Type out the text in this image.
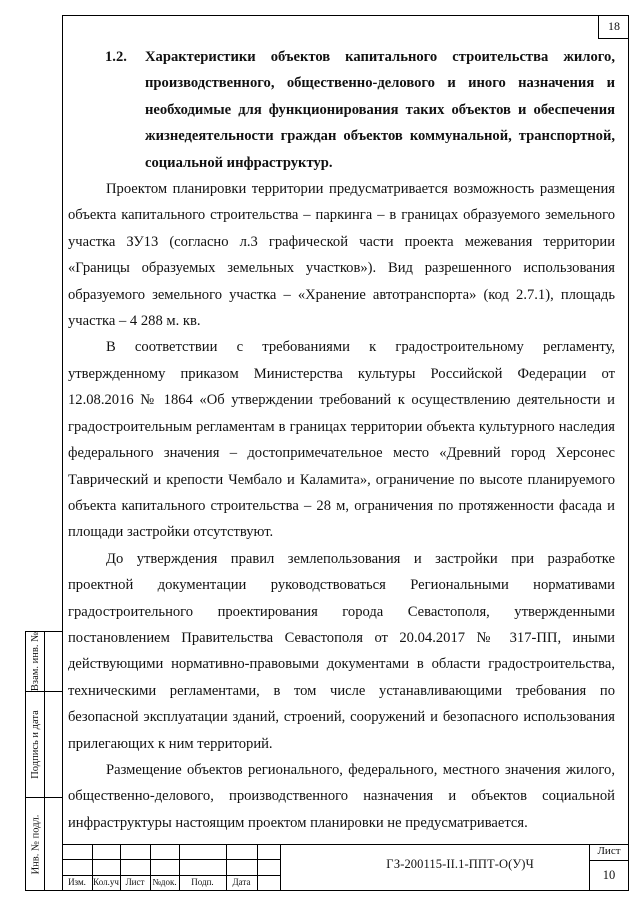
18
1.2. Характеристики объектов капитального строительства жилого, производственного, общественно-делового и иного назначения и необходимые для функционирования таких объектов и обеспечения жизнедеятельности граждан объектов коммунальной, транспортной, социальной инфраструктур.

Проектом планировки территории предусматривается возможность размещения объекта капитального строительства – паркинга – в границах образуемого земельного участка ЗУ13 (согласно л.3 графической части проекта межевания территории «Границы образуемых земельных участков»). Вид разрешенного использования образуемого земельного участка – «Хранение автотранспорта» (код 2.7.1), площадь участка – 4 288 м. кв.

В соответствии с требованиями к градостроительному регламенту, утвержденному приказом Министерства культуры Российской Федерации от 12.08.2016 № 1864 «Об утверждении требований к осуществлению деятельности и градостроительным регламентам в границах территории объекта культурного наследия федерального значения – достопримечательное место «Древний город Херсонес Таврический и крепости Чембало и Каламита», ограничение по высоте планируемого объекта капитального строительства – 28 м, ограничения по протяженности фасада и площади застройки отсутствуют.

До утверждения правил землепользования и застройки при разработке проектной документации руководствоваться Региональными нормативами градостроительного проектирования города Севастополя, утвержденными постановлением Правительства Севастополя от 20.04.2017 № 317-ПП, иными действующими нормативно-правовыми документами в области градостроительства, техническими регламентами, в том числе устанавливающими требования по безопасной эксплуатации зданий, строений, сооружений и безопасного использования прилегающих к ним территорий.

Размещение объектов регионального, федерального, местного значения жилого, общественно-делового, производственного назначения и объектов социальной инфраструктуры настоящим проектом планировки не предусматривается.

Взам. инв. №
Подпись и дата
Инв. № подл.
Изм. Кол.уч Лист №док.	Подп.	Дата
ГЗ-200115-II.1-ППТ-О(У)Ч
Лист
10
